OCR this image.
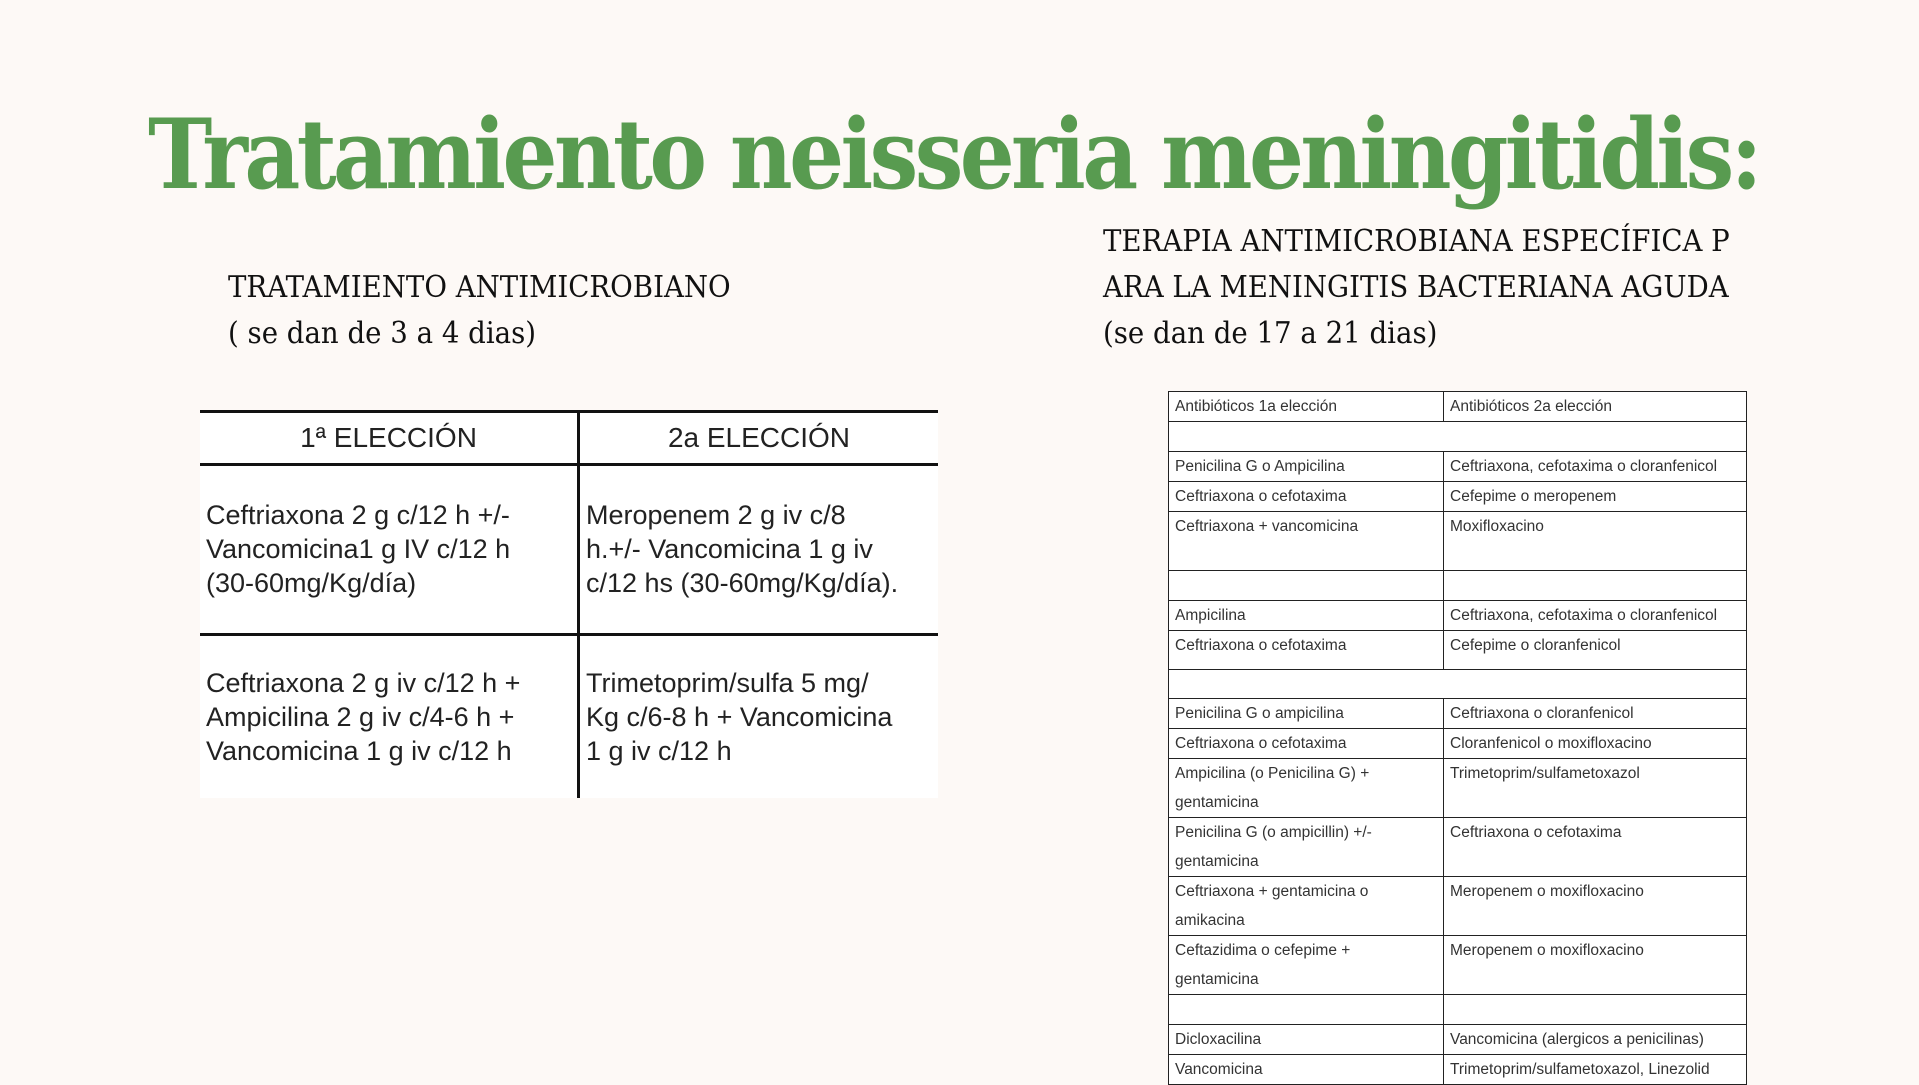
Tratamiento neisseria meningitidis:
TRATAMIENTO ANTIMICROBIANO
( se dan de 3 a 4 dias)
TERAPIA ANTIMICROBIANA ESPECÍFICA P
ARA LA MENINGITIS BACTERIANA AGUDA
(se dan de 17 a 21 dias)
1ª ELECCIÓN	2a ELECCIÓN

Ceftriaxona 2 g c/12 h +/-
Vancomicina1 g IV c/12 h
(30-60mg/Kg/día)	Meropenem 2 g iv c/8
h.+/- Vancomicina 1 g iv
c/12 hs (30-60mg/Kg/día).

Ceftriaxona 2 g iv c/12 h +
Ampicilina 2 g iv c/4-6 h +
Vancomicina 1 g iv c/12 h	Trimetoprim/sulfa 5 mg/
Kg c/6-8 h + Vancomicina
1 g iv c/12 h
Antibióticos 1a elección	Antibióticos 2a elección

Penicilina G o Ampicilina	Ceftriaxona, cefotaxima o cloranfenicol
Ceftriaxona o cefotaxima	Cefepime o meropenem
Ceftriaxona + vancomicina	Moxifloxacino

Ampicilina	Ceftriaxona, cefotaxima o cloranfenicol
Ceftriaxona o cefotaxima	Cefepime o cloranfenicol

Penicilina G o ampicilina	Ceftriaxona o cloranfenicol
Ceftriaxona o cefotaxima	Cloranfenicol o moxifloxacino

Ampicilina (o Penicilina G) +
gentamicina	Trimetoprim/sulfametoxazol

Penicilina G (o ampicillin) +/-
gentamicina	Ceftriaxona o cefotaxima

Ceftriaxona + gentamicina o
amikacina	Meropenem o moxifloxacino

Ceftazidima o cefepime +
gentamicina	Meropenem o moxifloxacino

Dicloxacilina	Vancomicina (alergicos a penicilinas)
Vancomicina	Trimetoprim/sulfametoxazol, Linezolid
